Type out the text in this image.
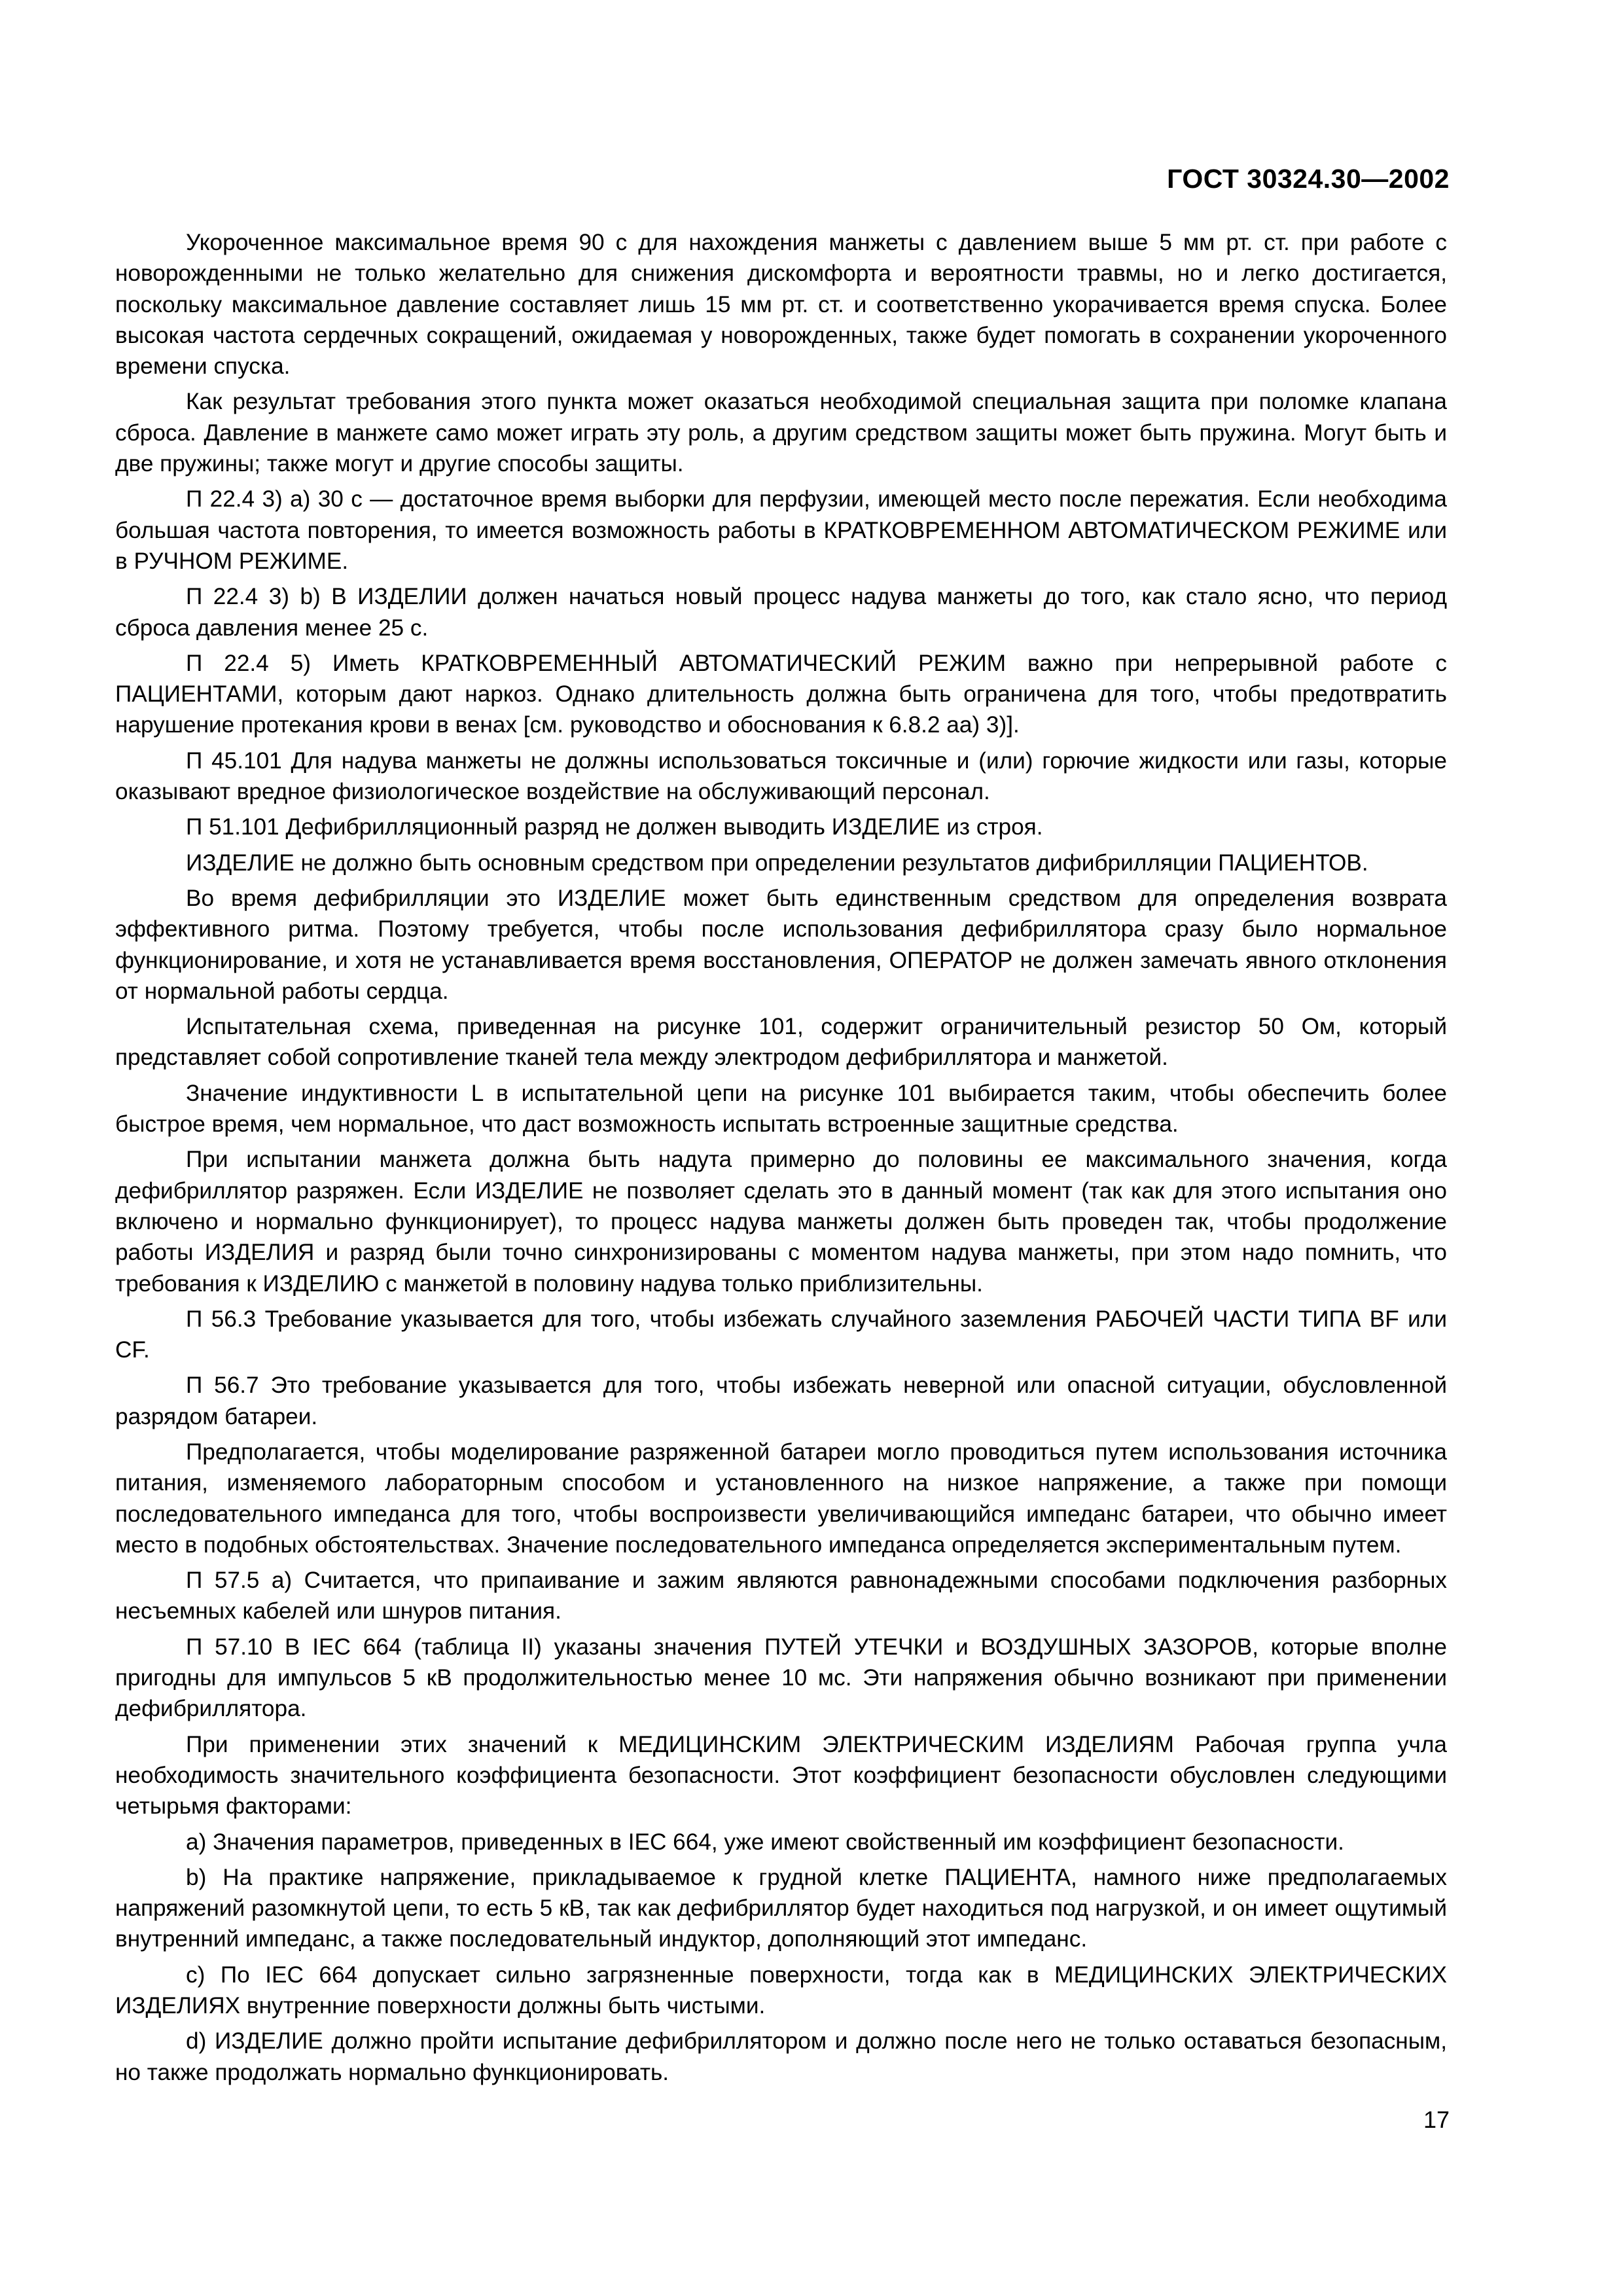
ГОСТ 30324.30—2002

Укороченное максимальное время 90 с для нахождения манжеты с давлением выше 5 мм рт. ст. при работе с новорожденными не только желательно для снижения дискомфорта и вероятности травмы, но и легко достигается, поскольку максимальное давление составляет лишь 15 мм рт. ст. и соответственно укорачивается время спуска. Более высокая частота сердечных сокращений, ожидаемая у новорожденных, также будет помогать в сохранении укороченного времени спуска.

Как результат требования этого пункта может оказаться необходимой специальная защита при поломке клапана сброса. Давление в манжете само может играть эту роль, а другим средством защиты может быть пружина. Могут быть и две пружины; также могут и другие способы защиты.

П 22.4 3) а) 30 с — достаточное время выборки для перфузии, имеющей место после пережатия. Если необходима большая частота повторения, то имеется возможность работы в КРАТКОВРЕМЕННОМ АВТОМАТИЧЕСКОМ РЕЖИМЕ или в РУЧНОМ РЕЖИМЕ.

П 22.4 3) b) В ИЗДЕЛИИ должен начаться новый процесс надува манжеты до того, как стало ясно, что период сброса давления менее 25 с.

П 22.4 5) Иметь КРАТКОВРЕМЕННЫЙ АВТОМАТИЧЕСКИЙ РЕЖИМ важно при непрерывной работе с ПАЦИЕНТАМИ, которым дают наркоз. Однако длительность должна быть ограничена для того, чтобы предотвратить нарушение протекания крови в венах [см. руководство и обоснования к 6.8.2 аа) 3)].

П 45.101 Для надува манжеты не должны использоваться токсичные и (или) горючие жидкости или газы, которые оказывают вредное физиологическое воздействие на обслуживающий персонал.

П 51.101 Дефибрилляционный разряд не должен выводить ИЗДЕЛИЕ из строя.

ИЗДЕЛИЕ не должно быть основным средством при определении результатов дифибрилляции ПАЦИЕНТОВ.

Во время дефибрилляции это ИЗДЕЛИЕ может быть единственным средством для определения возврата эффективного ритма. Поэтому требуется, чтобы после использования дефибриллятора сразу было нормальное функционирование, и хотя не устанавливается время восстановления, ОПЕРАТОР не должен замечать явного отклонения от нормальной работы сердца.

Испытательная схема, приведенная на рисунке 101, содержит ограничительный резистор 50 Ом, который представляет собой сопротивление тканей тела между электродом дефибриллятора и манжетой.

Значение индуктивности L в испытательной цепи на рисунке 101 выбирается таким, чтобы обеспечить более быстрое время, чем нормальное, что даст возможность испытать встроенные защитные средства.

При испытании манжета должна быть надута примерно до половины ее максимального значения, когда дефибриллятор разряжен. Если ИЗДЕЛИЕ не позволяет сделать это в данный момент (так как для этого испытания оно включено и нормально функционирует), то процесс надува манжеты должен быть проведен так, чтобы продолжение работы ИЗДЕЛИЯ и разряд были точно синхронизированы с моментом надува манжеты, при этом надо помнить, что требования к ИЗДЕЛИЮ с манжетой в половину надува только приблизительны.

П 56.3 Требование указывается для того, чтобы избежать случайного заземления РАБОЧЕЙ ЧАСТИ ТИПА BF или CF.

П 56.7 Это требование указывается для того, чтобы избежать неверной или опасной ситуации, обусловленной разрядом батареи.

Предполагается, чтобы моделирование разряженной батареи могло проводиться путем использования источника питания, изменяемого лабораторным способом и установленного на низкое напряжение, а также при помощи последовательного импеданса для того, чтобы воспроизвести увеличивающийся импеданс батареи, что обычно имеет место в подобных обстоятельствах. Значение последовательного импеданса определяется экспериментальным путем.

П 57.5 а) Считается, что припаивание и зажим являются равнонадежными способами подключения разборных несъемных кабелей или шнуров питания.

П 57.10 В IEC 664 (таблица II) указаны значения ПУТЕЙ УТЕЧКИ и ВОЗДУШНЫХ ЗАЗОРОВ, которые вполне пригодны для импульсов 5 кВ продолжительностью менее 10 мс. Эти напряжения обычно возникают при применении дефибриллятора.

При применении этих значений к МЕДИЦИНСКИМ ЭЛЕКТРИЧЕСКИМ ИЗДЕЛИЯМ Рабочая группа учла необходимость значительного коэффициента безопасности. Этот коэффициент безопасности обусловлен следующими четырьмя факторами:

a) Значения параметров, приведенных в IEC 664, уже имеют свойственный им коэффициент безопасности.

b) На практике напряжение, прикладываемое к грудной клетке ПАЦИЕНТА, намного ниже предполагаемых напряжений разомкнутой цепи, то есть 5 кВ, так как дефибриллятор будет находиться под нагрузкой, и он имеет ощутимый внутренний импеданс, а также последовательный индуктор, дополняющий этот импеданс.

c) По IEC 664 допускает сильно загрязненные поверхности, тогда как в МЕДИЦИНСКИХ ЭЛЕКТРИЧЕСКИХ ИЗДЕЛИЯХ внутренние поверхности должны быть чистыми.

d) ИЗДЕЛИЕ должно пройти испытание дефибриллятором и должно после него не только оставаться безопасным, но также продолжать нормально функционировать.

17
